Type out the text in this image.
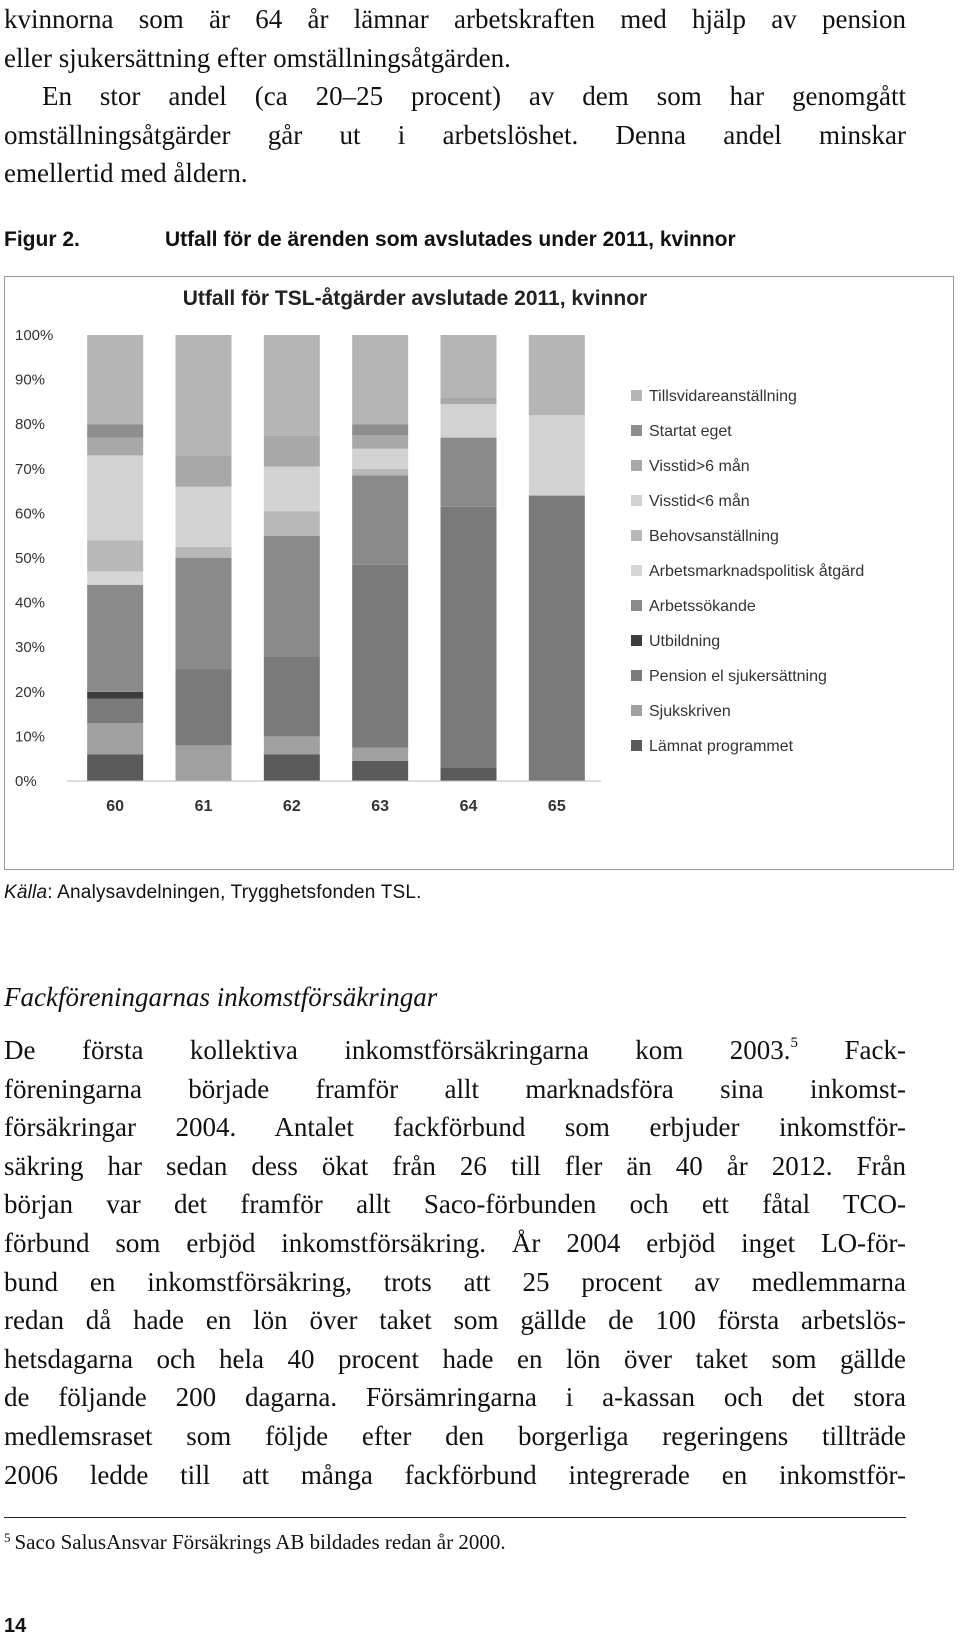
kvinnorna som är 64 år lämnar arbetskraften med hjälp av pension

eller sjukersättning efter omställningsåtgärden.

En stor andel (ca 20–25 procent) av dem som har genomgått

omställningsåtgärder går ut i arbetslöshet. Denna andel minskar

emellertid med åldern.

Figur 2.	Utfall för de ärenden som avslutades under 2011, kvinnor
Utfall för TSL-åtgärder avslutade 2011, kvinnor
0%
10%
20%
30%
40%
50%
60%
70%
80%
90%
100%
60	61	62	63	64	65
Tillsvidareanställning
Startat eget
Visstid>6 mån
Visstid<6 mån
Behovsanställning
Arbetsmarknadspolitisk åtgärd
Arbetssökande
Utbildning
Pension el sjukersättning
Sjukskriven
Lämnat programmet
Källa: Analysavdelningen, Trygghetsfonden TSL.
Fackföreningarnas inkomstförsäkringar

De första kollektiva inkomstförsäkringarna kom 2003.$^5$ Fack-

föreningarna började framför allt marknadsföra sina inkomst-

försäkringar 2004. Antalet fackförbund som erbjuder inkomstför-

säkring har sedan dess ökat från 26 till fler än 40 år 2012. Från

början var det framför allt Saco-förbunden och ett fåtal TCO-

förbund som erbjöd inkomstförsäkring. År 2004 erbjöd inget LO-för-

bund en inkomstförsäkring, trots att 25 procent av medlemmarna

redan då hade en lön över taket som gällde de 100 första arbetslös-

hetsdagarna och hela 40 procent hade en lön över taket som gällde

de följande 200 dagarna. Försämringarna i a-kassan och det stora

medlemsraset som följde efter den borgerliga regeringens tillträde

2006 ledde till att många fackförbund integrerade en inkomstför-

$^5$ Saco SalusAnsvar Försäkrings AB bildades redan år 2000.
14
